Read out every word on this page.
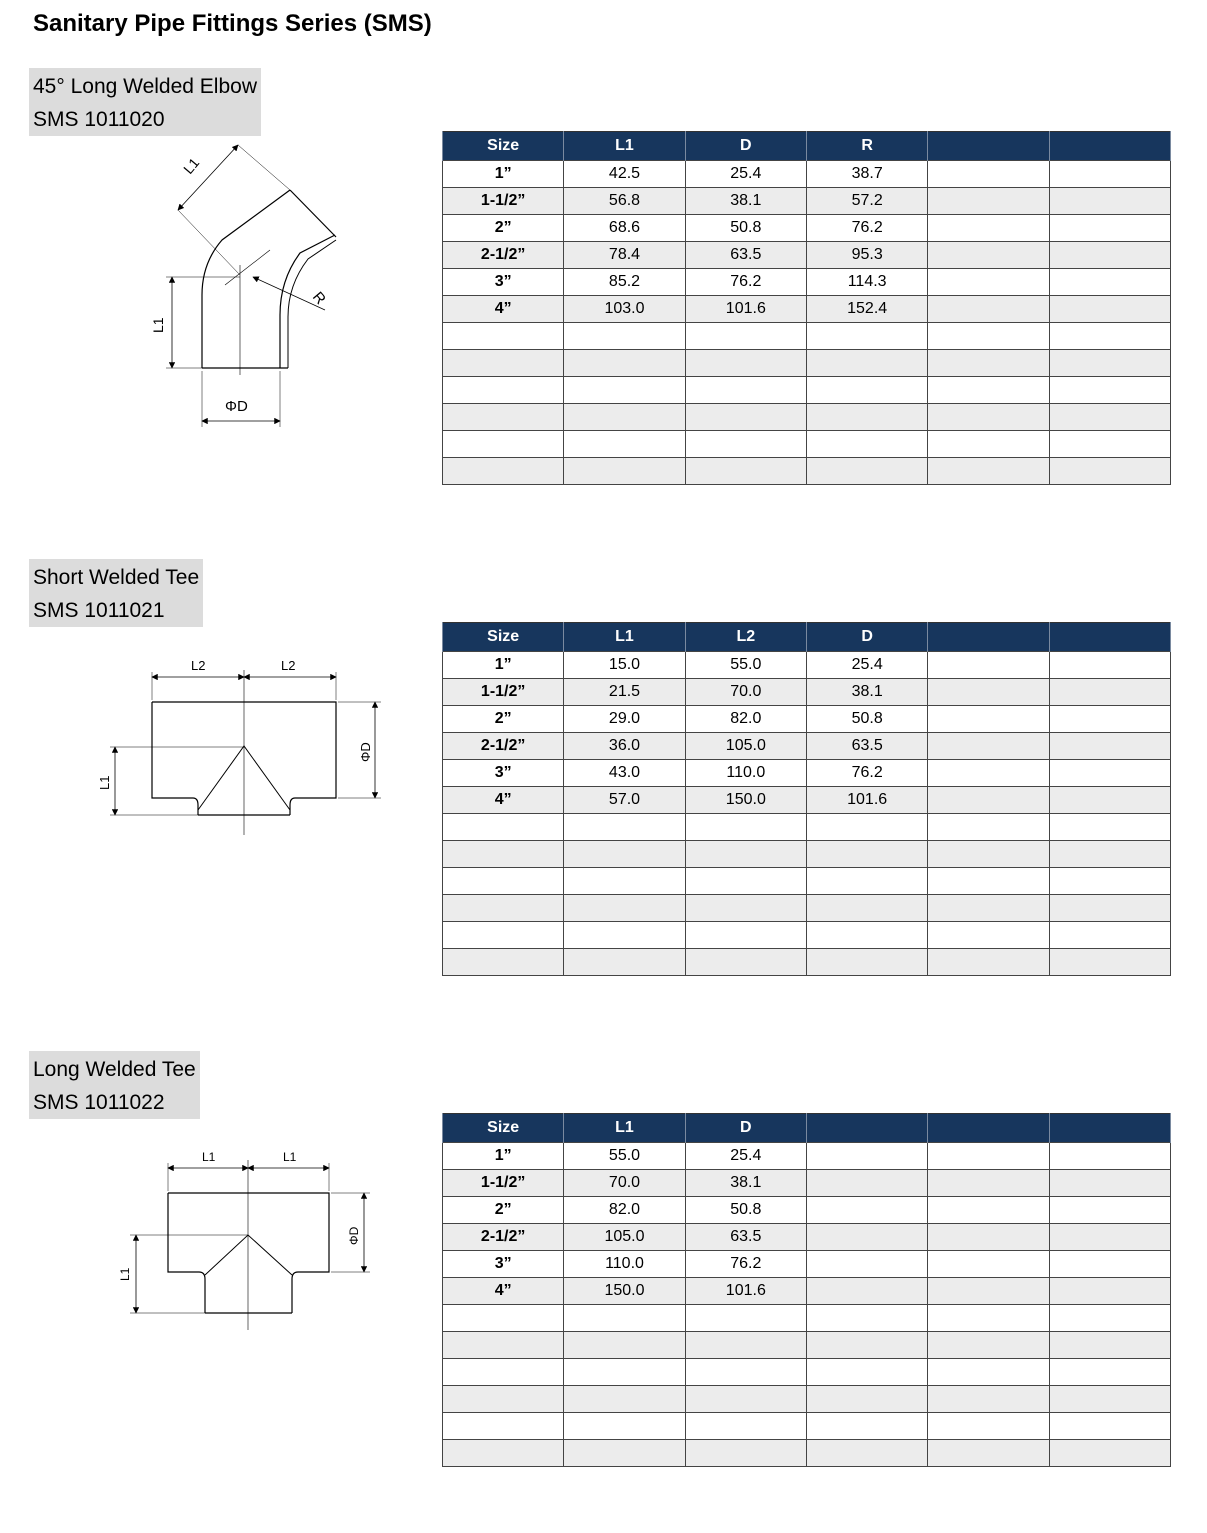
Sanitary Pipe Fittings Series (SMS)
45° Long Welded Elbow
SMS 1011020
L1
L1
R
ΦD
Size	L1	D	R		
1”	42.5	25.4	38.7		
1-1/2”	56.8	38.1	57.2		
2”	68.6	50.8	76.2		
2-1/2”	78.4	63.5	95.3		
3”	85.2	76.2	114.3		
4”	103.0	101.6	152.4		

Short Welded Tee
SMS 1011021
L2	L2
ΦD
L1
Size	L1	L2	D		
1”	15.0	55.0	25.4		
1-1/2”	21.5	70.0	38.1		
2”	29.0	82.0	50.8		
2-1/2”	36.0	105.0	63.5		
3”	43.0	110.0	76.2		
4”	57.0	150.0	101.6		

Long Welded Tee
SMS 1011022
L1	L1
ΦD
L1
Size	L1	D			
1”	55.0	25.4			
1-1/2”	70.0	38.1			
2”	82.0	50.8			
2-1/2”	105.0	63.5			
3”	110.0	76.2			
4”	150.0	101.6			
